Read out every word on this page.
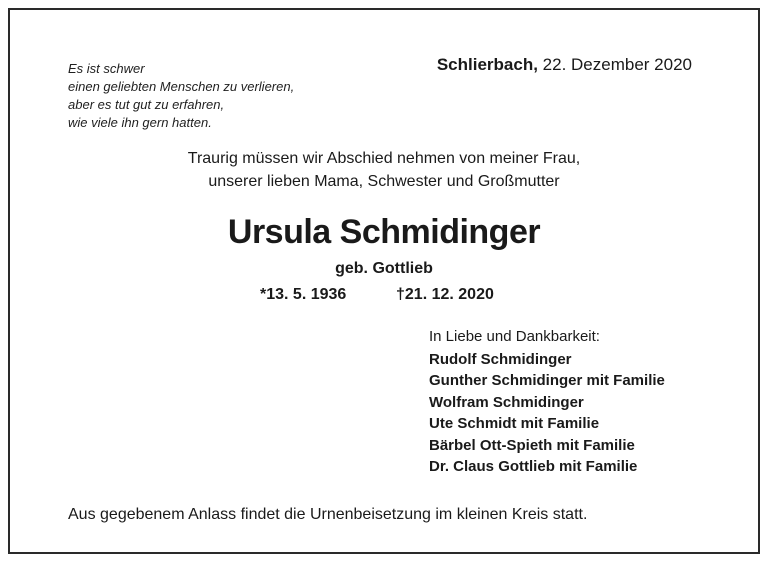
Es ist schwer
einen geliebten Menschen zu verlieren,
aber es tut gut zu erfahren,
wie viele ihn gern hatten.
Schlierbach, 22. Dezember 2020
Traurig müssen wir Abschied nehmen von meiner Frau,
unserer lieben Mama, Schwester und Großmutter
Ursula Schmidinger
geb. Gottlieb
*13. 5. 1936	†21. 12. 2020
In Liebe und Dankbarkeit:
Rudolf Schmidinger
Gunther Schmidinger mit Familie
Wolfram Schmidinger
Ute Schmidt mit Familie
Bärbel Ott-Spieth mit Familie
Dr. Claus Gottlieb mit Familie
Aus gegebenem Anlass findet die Urnenbeisetzung im kleinen Kreis statt.
